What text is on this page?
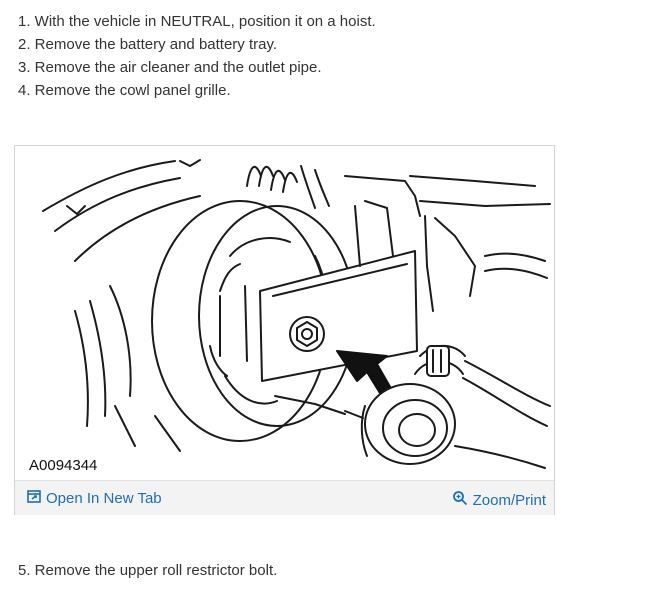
1. With the vehicle in NEUTRAL, position it on a hoist.
2. Remove the battery and battery tray.
3. Remove the air cleaner and the outlet pipe.
4. Remove the cowl panel grille.
A0094344
Open In New Tab	Zoom/Print
5. Remove the upper roll restrictor bolt.
